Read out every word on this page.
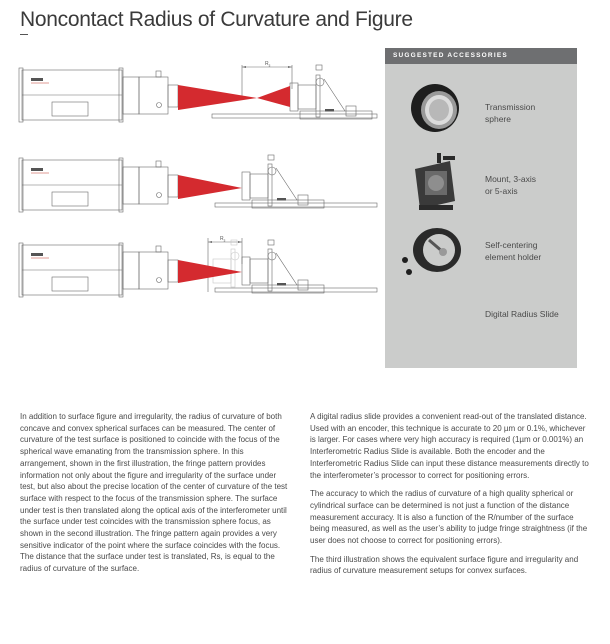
Noncontact Radius of Curvature and Figure
$R_s$
$R_s$
SUGGESTED ACCESSORIES
Transmission
sphere
Mount, 3-axis
or 5-axis
Self-centering
element holder
Digital Radius Slide

In addition to surface figure and irregularity, the radius of curvature of both concave and convex spherical surfaces can be measured. The center of curvature of the test surface is positioned to coincide with the focus of the spherical wave emanating from the transmission sphere. In this arrangement, shown in the first illustration, the fringe pattern provides information not only about the figure and irregularity of the surface under test, but also about the precise location of the center of curvature of the test surface with respect to the focus of the transmission sphere. The surface under test is then translated along the optical axis of the interferometer until the surface under test coincides with the transmission sphere focus, as shown in the second illustration. The fringe pattern again provides a very sensitive indicator of the point where the surface coincides with the focus. The distance that the surface under test is translated, Rs, is equal to the radius of curvature of the surface.

A digital radius slide provides a convenient read-out of the translated distance. Used with an encoder, this technique is accurate to 20 µm or 0.1%, whichever is larger. For cases where very high accuracy is required (1µm or 0.001%) an Interferometric Radius Slide is available. Both the encoder and the Interferometric Radius Slide can input these distance measurements directly to the interferometer’s processor to correct for positioning errors.

The accuracy to which the radius of curvature of a high quality spherical or cylindrical surface can be determined is not just a function of the distance measurement accuracy. It is also a function of the R/number of the surface being measured, as well as the user’s ability to judge fringe straightness (if the user does not choose to correct for positioning errors).

The third illustration shows the equivalent surface figure and irregularity and radius of curvature measurement setups for convex surfaces.
